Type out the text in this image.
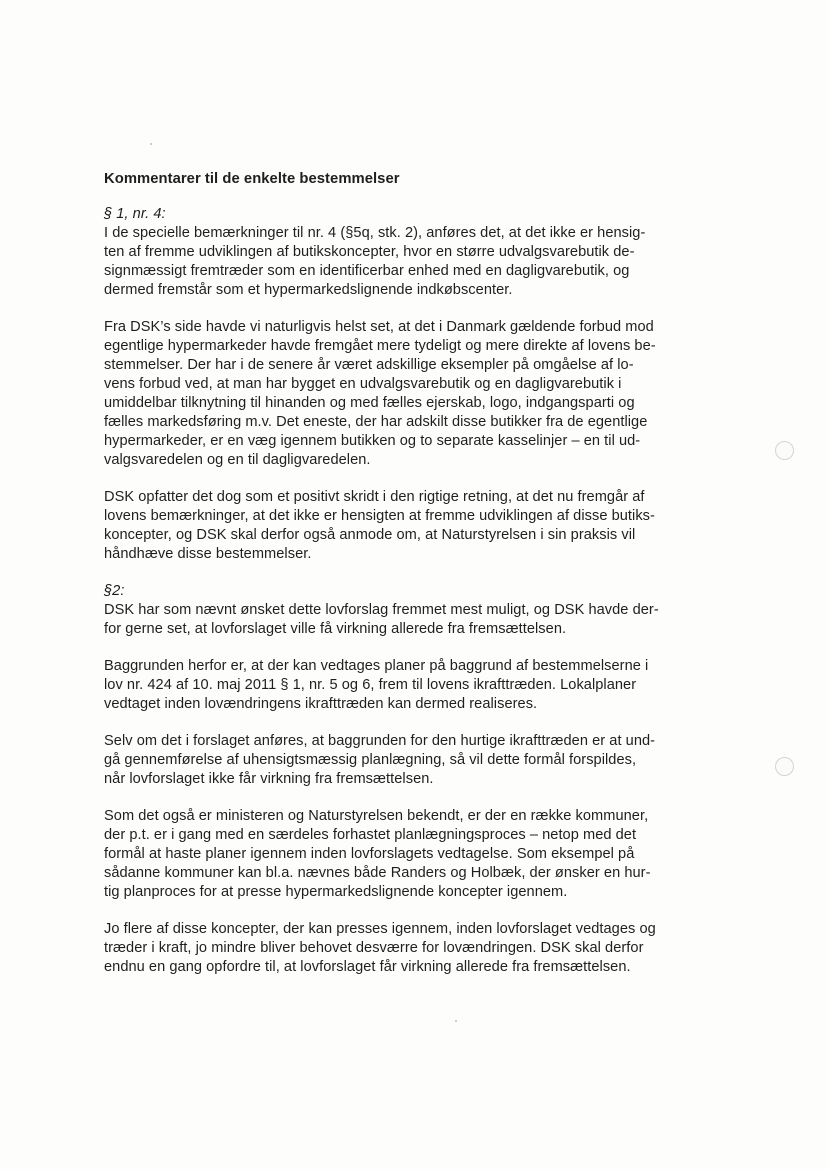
Kommentarer til de enkelte bestemmelser

§ 1, nr. 4:

I de specielle bemærkninger til nr. 4 (§5q, stk. 2), anføres det, at det ikke er hensig-
ten af fremme udviklingen af butikskoncepter, hvor en større udvalgsvarebutik de-
signmæssigt fremtræder som en identificerbar enhed med en dagligvarebutik, og
dermed fremstår som et hypermarkedslignende indkøbscenter.

Fra DSK’s side havde vi naturligvis helst set, at det i Danmark gældende forbud mod
egentlige hypermarkeder havde fremgået mere tydeligt og mere direkte af lovens be-
stemmelser. Der har i de senere år været adskillige eksempler på omgåelse af lo-
vens forbud ved, at man har bygget en udvalgsvarebutik og en dagligvarebutik i
umiddelbar tilknytning til hinanden og med fælles ejerskab, logo, indgangsparti og
fælles markedsføring m.v. Det eneste, der har adskilt disse butikker fra de egentlige
hypermarkeder, er en væg igennem butikken og to separate kasselinjer – en til ud-
valgsvaredelen og en til dagligvaredelen.

DSK opfatter det dog som et positivt skridt i den rigtige retning, at det nu fremgår af
lovens bemærkninger, at det ikke er hensigten at fremme udviklingen af disse butiks-
koncepter, og DSK skal derfor også anmode om, at Naturstyrelsen i sin praksis vil
håndhæve disse bestemmelser.

§2:

DSK har som nævnt ønsket dette lovforslag fremmet mest muligt, og DSK havde der-
for gerne set, at lovforslaget ville få virkning allerede fra fremsættelsen.

Baggrunden herfor er, at der kan vedtages planer på baggrund af bestemmelserne i
lov nr. 424 af 10. maj 2011 § 1, nr. 5 og 6, frem til lovens ikrafttræden. Lokalplaner
vedtaget inden lovændringens ikrafttræden kan dermed realiseres.

Selv om det i forslaget anføres, at baggrunden for den hurtige ikrafttræden er at und-
gå gennemførelse af uhensigtsmæssig planlægning, så vil dette formål forspildes,
når lovforslaget ikke får virkning fra fremsættelsen.

Som det også er ministeren og Naturstyrelsen bekendt, er der en række kommuner,
der p.t. er i gang med en særdeles forhastet planlægningsproces – netop med det
formål at haste planer igennem inden lovforslagets vedtagelse. Som eksempel på
sådanne kommuner kan bl.a. nævnes både Randers og Holbæk, der ønsker en hur-
tig planproces for at presse hypermarkedslignende koncepter igennem.

Jo flere af disse koncepter, der kan presses igennem, inden lovforslaget vedtages og
træder i kraft, jo mindre bliver behovet desværre for lovændringen. DSK skal derfor
endnu en gang opfordre til, at lovforslaget får virkning allerede fra fremsættelsen.
